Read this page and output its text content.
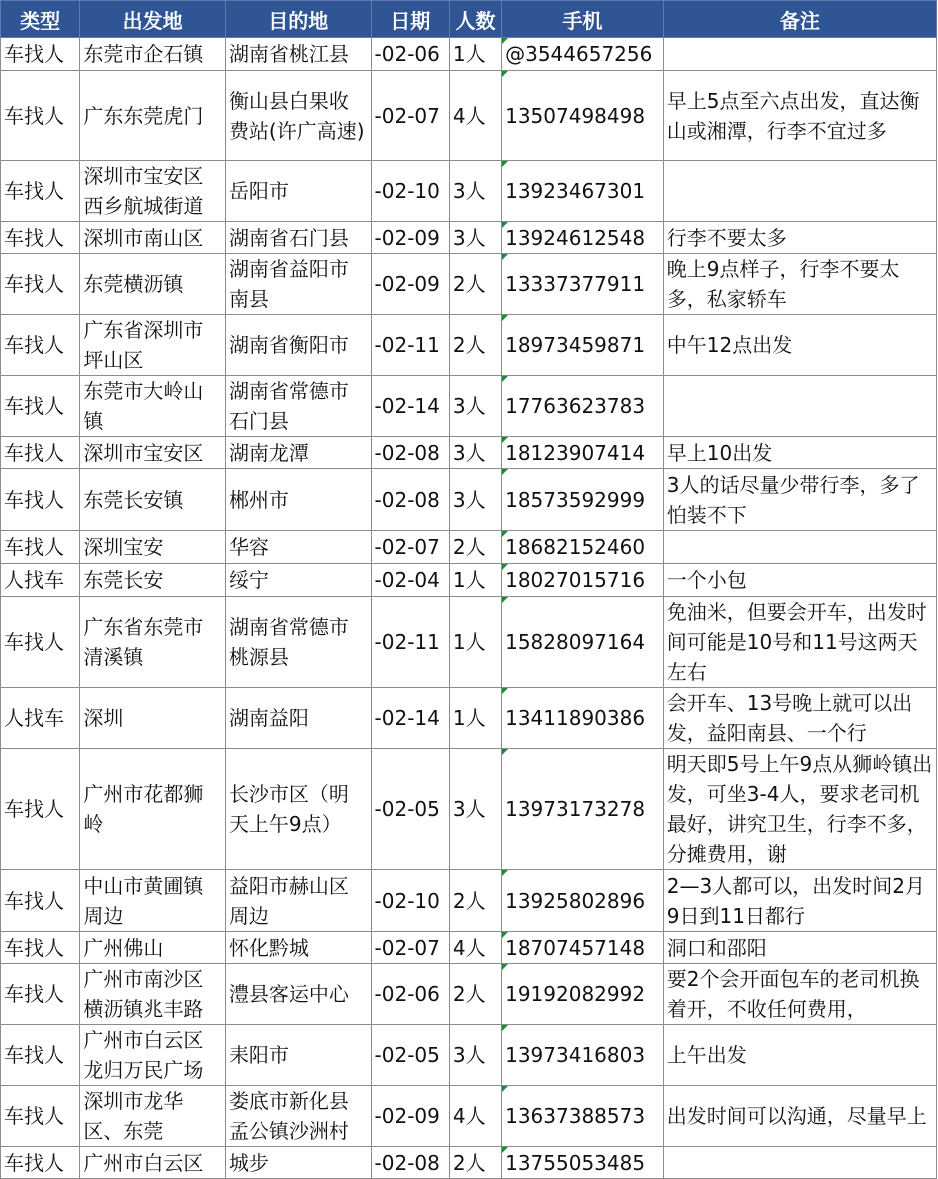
类型	出发地	目的地	日期	人数	手机	备注
车找人	东莞市企石镇	湖南省桃江县	-02-06	1人	@3544657256	
车找人	广东东莞虎门	衡山县白果收费站(许广高速)	-02-07	4人	13507498498	早上5点至六点出发，直达衡山或湘潭，行李不宜过多
车找人	深圳市宝安区西乡航城街道	岳阳市	-02-10	3人	13923467301	
车找人	深圳市南山区	湖南省石门县	-02-09	3人	13924612548	行李不要太多
车找人	东莞横沥镇	湖南省益阳市南县	-02-09	2人	13337377911	晚上9点样子，行李不要太多，私家轿车
车找人	广东省深圳市坪山区	湖南省衡阳市	-02-11	2人	18973459871	中午12点出发
车找人	东莞市大岭山镇	湖南省常德市石门县	-02-14	3人	17763623783	
车找人	深圳市宝安区	湖南龙潭	-02-08	3人	18123907414	早上10出发
车找人	东莞长安镇	郴州市	-02-08	3人	18573592999	3人的话尽量少带行李，多了怕装不下
车找人	深圳宝安	华容	-02-07	2人	18682152460	
人找车	东莞长安	绥宁	-02-04	1人	18027015716	一个小包
车找人	广东省东莞市清溪镇	湖南省常德市桃源县	-02-11	1人	15828097164	免油米，但要会开车，出发时间可能是10号和11号这两天左右
人找车	深圳	湖南益阳	-02-14	1人	13411890386	会开车、13号晚上就可以出发，益阳南县、一个行
车找人	广州市花都狮岭	长沙市区（明天上午9点）	-02-05	3人	13973173278	明天即5号上午9点从狮岭镇出发，可坐3-4人，要求老司机最好，讲究卫生，行李不多，分摊费用，谢
车找人	中山市黄圃镇周边	益阳市赫山区周边	-02-10	2人	13925802896	2—3人都可以，出发时间2月9日到11日都行
车找人	广州佛山	怀化黔城	-02-07	4人	18707457148	洞口和邵阳
车找人	广州市南沙区横沥镇兆丰路	澧县客运中心	-02-06	2人	19192082992	要2个会开面包车的老司机换着开，不收任何费用，
车找人	广州市白云区龙归万民广场	耒阳市	-02-05	3人	13973416803	上午出发
车找人	深圳市龙华区、东莞	娄底市新化县孟公镇沙洲村	-02-09	4人	13637388573	出发时间可以沟通，尽量早上
车找人	广州市白云区	城步	-02-08	2人	13755053485	
